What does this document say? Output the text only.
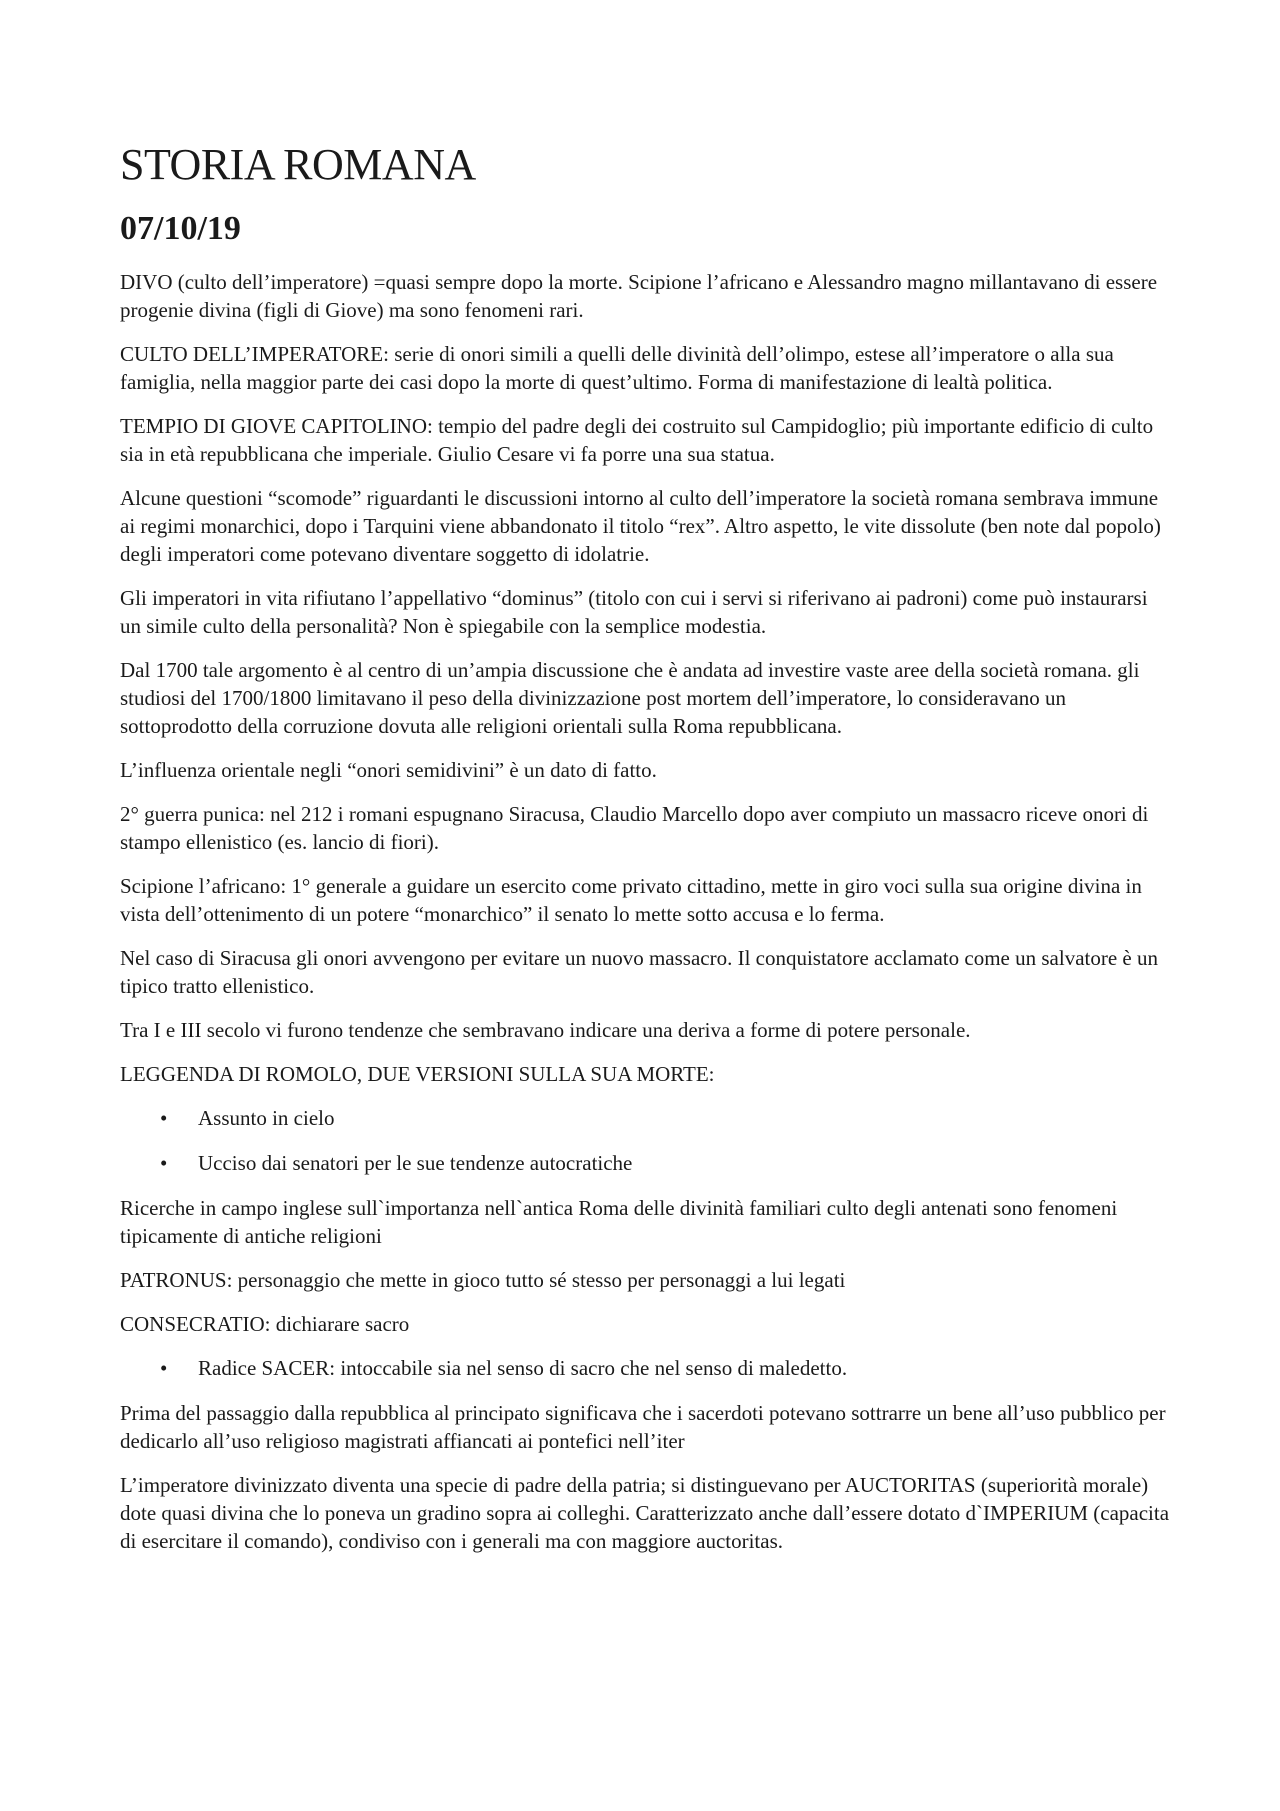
STORIA ROMANA
07/10/19

DIVO (culto dell’imperatore) =quasi sempre dopo la morte. Scipione l’africano e Alessandro magno millantavano di essere progenie divina (figli di Giove) ma sono fenomeni rari.

CULTO DELL’IMPERATORE: serie di onori simili a quelli delle divinità dell’olimpo, estese all’imperatore o alla sua famiglia, nella maggior parte dei casi dopo la morte di quest’ultimo. Forma di manifestazione di lealtà politica.

TEMPIO DI GIOVE CAPITOLINO: tempio del padre degli dei costruito sul Campidoglio; più importante edificio di culto sia in età repubblicana che imperiale. Giulio Cesare vi fa porre una sua statua.

Alcune questioni “scomode” riguardanti le discussioni intorno al culto dell’imperatore la società romana sembrava immune ai regimi monarchici, dopo i Tarquini viene abbandonato il titolo “rex”. Altro aspetto, le vite dissolute (ben note dal popolo) degli imperatori come potevano diventare soggetto di idolatrie.

Gli imperatori in vita rifiutano l’appellativo “dominus” (titolo con cui i servi si riferivano ai padroni) come può instaurarsi un simile culto della personalità? Non è spiegabile con la semplice modestia.

Dal 1700 tale argomento è al centro di un’ampia discussione che è andata ad investire vaste aree della società romana. gli studiosi del 1700/1800 limitavano il peso della divinizzazione post mortem dell’imperatore, lo consideravano un sottoprodotto della corruzione dovuta alle religioni orientali sulla Roma repubblicana.

L’influenza orientale negli “onori semidivini” è un dato di fatto.

2° guerra punica: nel 212 i romani espugnano Siracusa, Claudio Marcello dopo aver compiuto un massacro riceve onori di stampo ellenistico (es. lancio di fiori).

Scipione l’africano: 1° generale a guidare un esercito come privato cittadino, mette in giro voci sulla sua origine divina in vista dell’ottenimento di un potere “monarchico” il senato lo mette sotto accusa e lo ferma.

Nel caso di Siracusa gli onori avvengono per evitare un nuovo massacro. Il conquistatore acclamato come un salvatore è un tipico tratto ellenistico.

Tra I e III secolo vi furono tendenze che sembravano indicare una deriva a forme di potere personale.

LEGGENDA DI ROMOLO, DUE VERSIONI SULLA SUA MORTE:

• Assunto in cielo
• Ucciso dai senatori per le sue tendenze autocratiche

Ricerche in campo inglese sull`importanza nell`antica Roma delle divinità familiari culto degli antenati sono fenomeni tipicamente di antiche religioni

PATRONUS: personaggio che mette in gioco tutto sé stesso per personaggi a lui legati

CONSECRATIO: dichiarare sacro

• Radice SACER: intoccabile sia nel senso di sacro che nel senso di maledetto.

Prima del passaggio dalla repubblica al principato significava che i sacerdoti potevano sottrarre un bene all’uso pubblico per dedicarlo all’uso religioso magistrati affiancati ai pontefici nell’iter

L’imperatore divinizzato diventa una specie di padre della patria; si distinguevano per AUCTORITAS (superiorità morale) dote quasi divina che lo poneva un gradino sopra ai colleghi. Caratterizzato anche dall’essere dotato d`IMPERIUM (capacita di esercitare il comando), condiviso con i generali ma con maggiore auctoritas.
